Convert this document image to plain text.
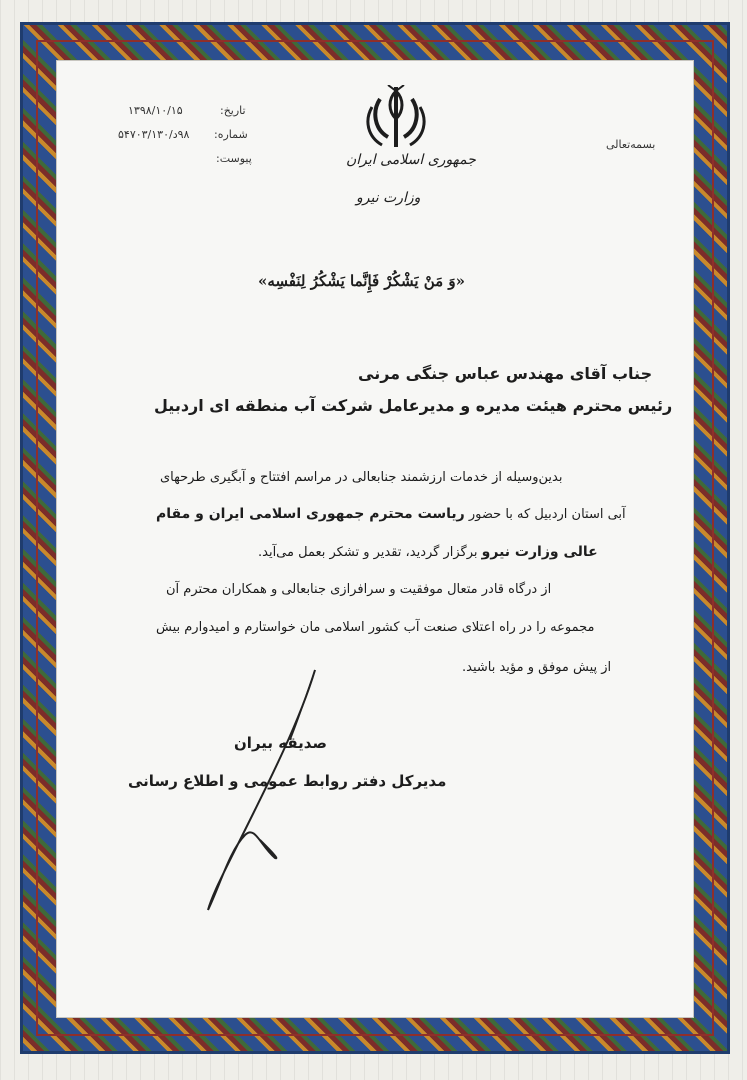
تاریخ:
۱۳۹۸/۱۰/۱۵
شماره:
۹۸د/۵۴۷۰۳/۱۳۰
پیوست:	جمهوری اسلامی ایران
وزارت نیرو
بسمه‌تعالی
«وَ مَنْ یَشْکُرْ فَإِنَّما یَشْکُرُ لِنَفْسِه»
جناب آقای مهندس عباس جنگی مرنی
رئیس محترم هیئت مدیره و مدیرعامل شرکت آب منطقه ای اردبیل
بدین‌وسیله از خدمات ارزشمند جنابعالی در مراسم افتتاح و آبگیری طرحهای
آبی استان اردبیل که با حضور ریاست محترم جمهوری اسلامی ایران و مقام
عالی وزارت نیرو برگزار گردید، تقدیر و تشکر بعمل می‌آید.
از درگاه قادر متعال موفقیت و سرافرازی جنابعالی و همکاران محترم آن
مجموعه را در راه اعتلای صنعت آب کشور اسلامی مان خواستارم و امیدوارم بیش
از پیش موفق و مؤید باشید.
صدیقه بیران
مدیرکل دفتر روابط عمومی و اطلاع رسانی
